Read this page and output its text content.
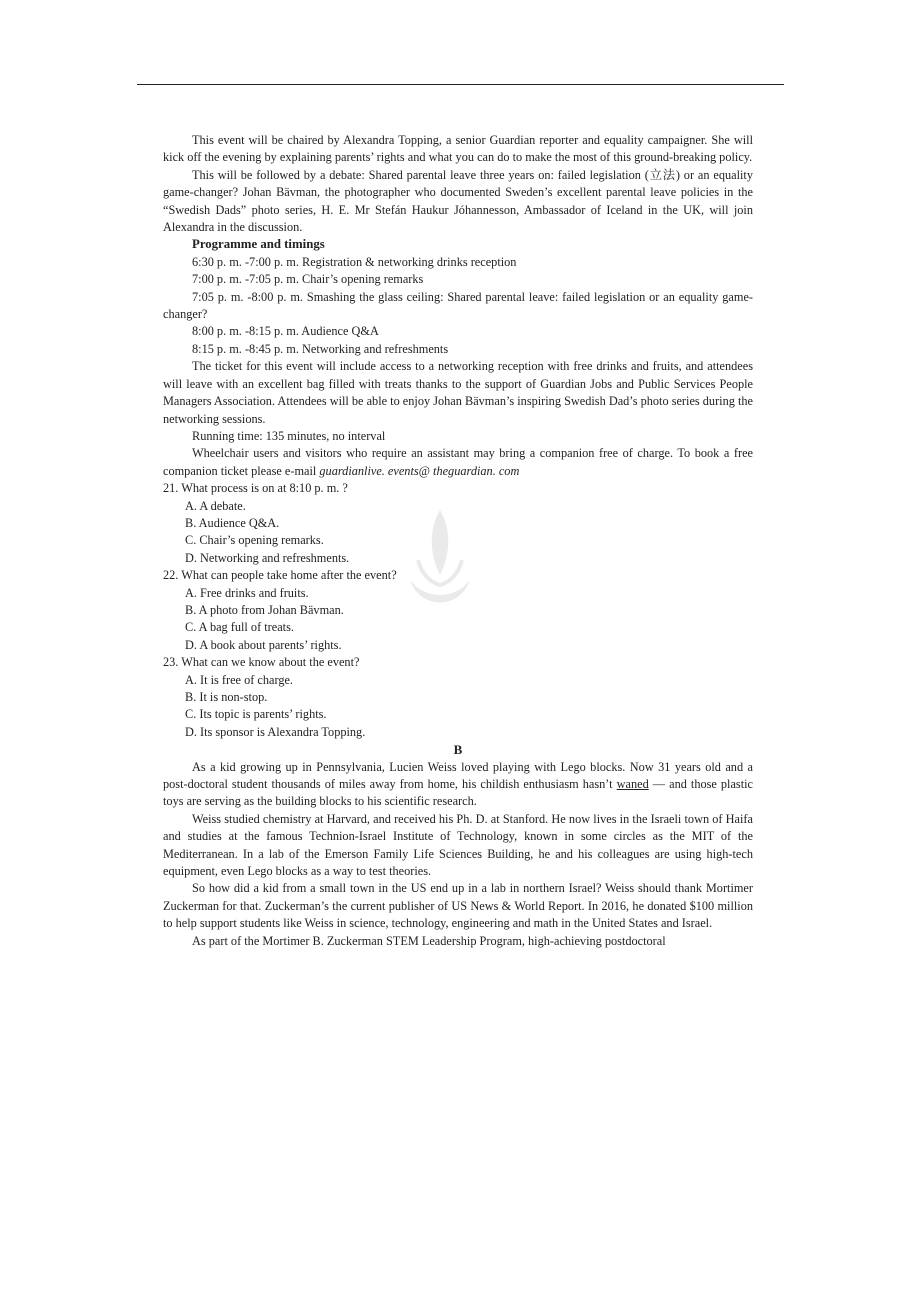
This event will be chaired by Alexandra Topping, a senior Guardian reporter and equality campaigner. She will kick off the evening by explaining parents’ rights and what you can do to make the most of this ground-breaking policy.

This will be followed by a debate: Shared parental leave three years on: failed legislation (立法) or an equality game-changer? Johan Bävman, the photographer who documented Sweden’s excellent parental leave policies in the “Swedish Dads” photo series, H. E. Mr Stefán Haukur Jóhannesson, Ambassador of Iceland in the UK, will join Alexandra in the discussion.

Programme and timings

6:30 p. m. -7:00 p. m. Registration & networking drinks reception

7:00 p. m. -7:05 p. m. Chair’s opening remarks

7:05 p. m. -8:00 p. m. Smashing the glass ceiling: Shared parental leave: failed legislation or an equality game-changer?

8:00 p. m. -8:15 p. m. Audience Q&A

8:15 p. m. -8:45 p. m. Networking and refreshments

The ticket for this event will include access to a networking reception with free drinks and fruits, and attendees will leave with an excellent bag filled with treats thanks to the support of Guardian Jobs and Public Services People Managers Association. Attendees will be able to enjoy Johan Bävman’s inspiring Swedish Dad’s photo series during the networking sessions.

Running time: 135 minutes, no interval

Wheelchair users and visitors who require an assistant may bring a companion free of charge. To book a free companion ticket please e-mail guardianlive. events@ theguardian. com

21. What process is on at 8:10 p. m. ?

A. A debate.

B. Audience Q&A.

C. Chair’s opening remarks.

D. Networking and refreshments.

22. What can people take home after the event?

A. Free drinks and fruits.

B. A photo from Johan Bävman.

C. A bag full of treats.

D. A book about parents’ rights.

23. What can we know about the event?

A. It is free of charge.

B. It is non-stop.

C. Its topic is parents’ rights.

D. Its sponsor is Alexandra Topping.

B

As a kid growing up in Pennsylvania, Lucien Weiss loved playing with Lego blocks. Now 31 years old and a post-doctoral student thousands of miles away from home, his childish enthusiasm hasn’t waned — and those plastic toys are serving as the building blocks to his scientific research.

Weiss studied chemistry at Harvard, and received his Ph. D. at Stanford. He now lives in the Israeli town of Haifa and studies at the famous Technion-Israel Institute of Technology, known in some circles as the MIT of the Mediterranean. In a lab of the Emerson Family Life Sciences Building, he and his colleagues are using high-tech equipment, even Lego blocks as a way to test theories.

So how did a kid from a small town in the US end up in a lab in northern Israel? Weiss should thank Mortimer Zuckerman for that. Zuckerman’s the current publisher of US News & World Report. In 2016, he donated $100 million to help support students like Weiss in science, technology, engineering and math in the United States and Israel.

As part of the Mortimer B. Zuckerman STEM Leadership Program, high-achieving postdoctoral
